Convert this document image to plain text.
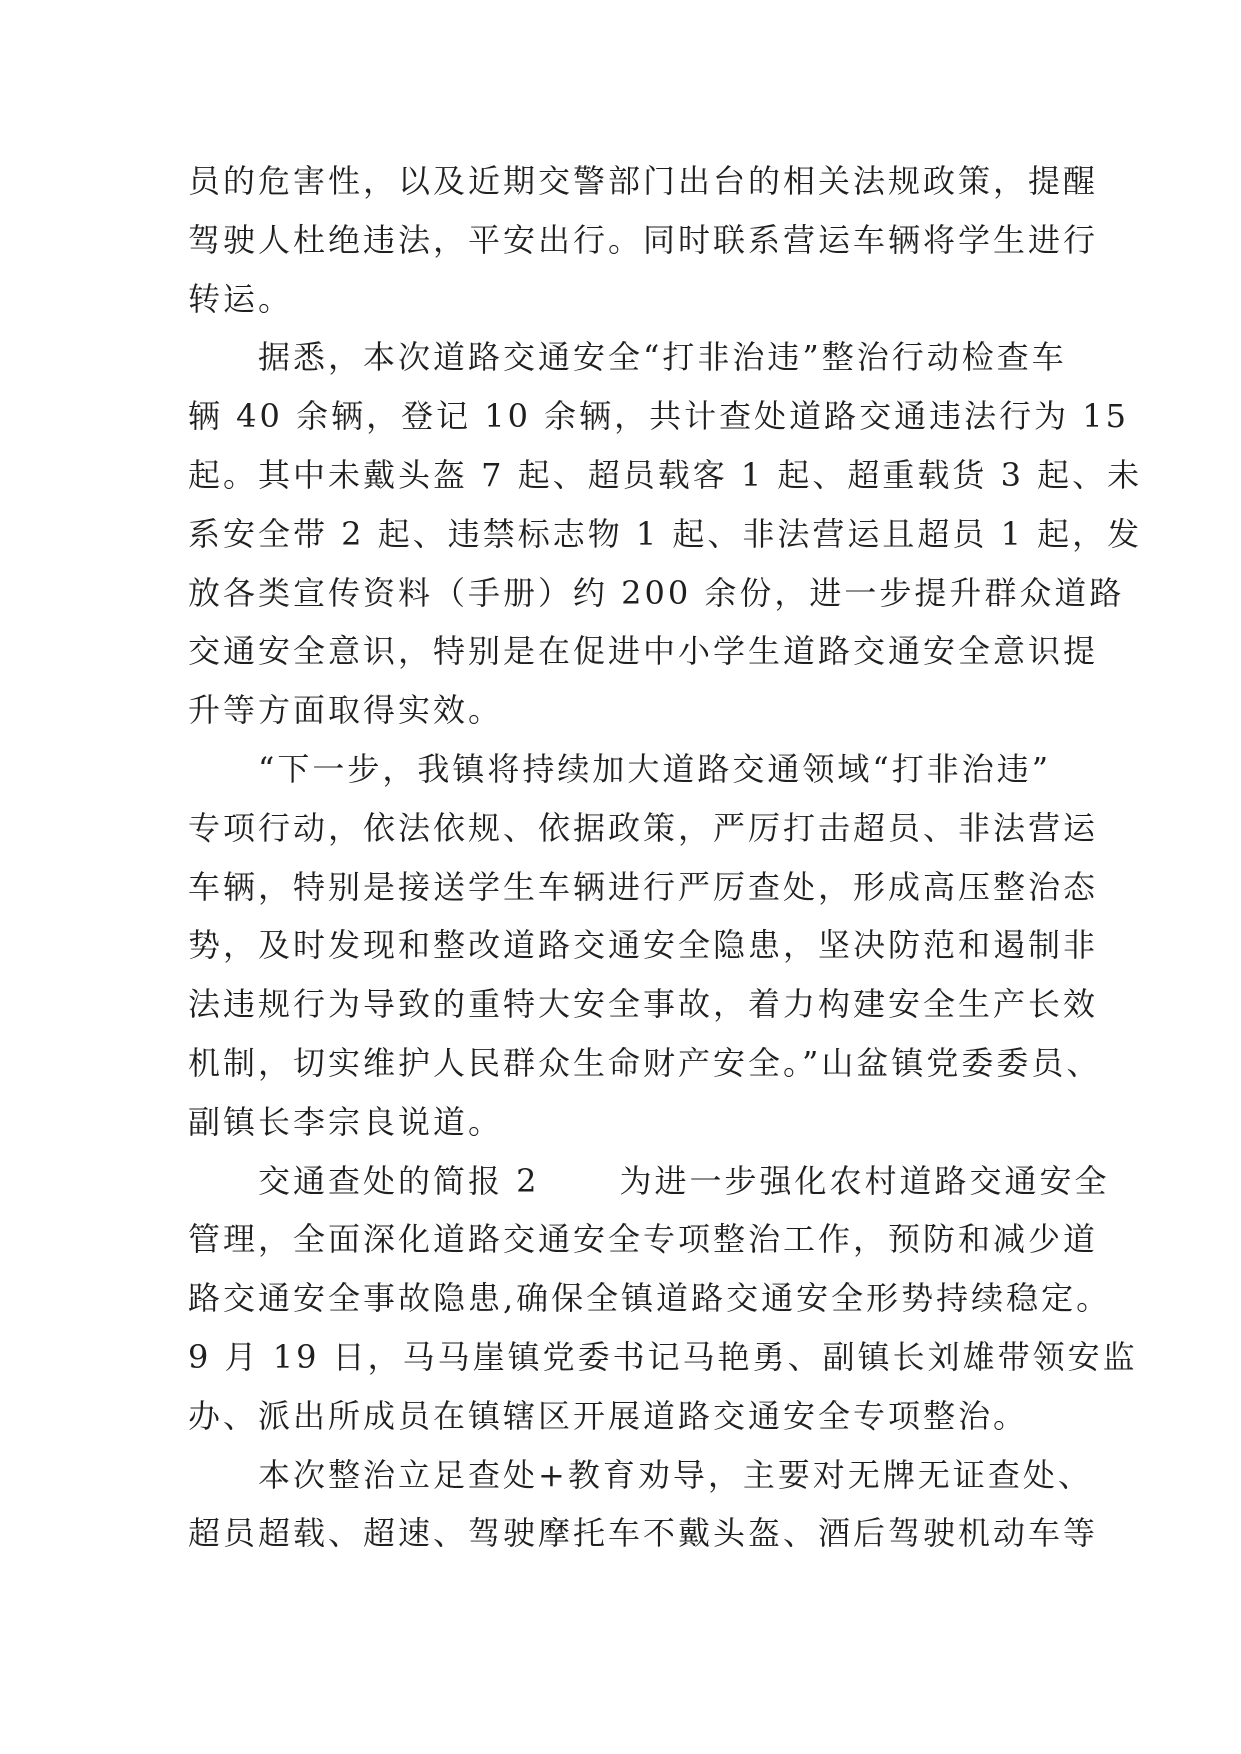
员的危害性，以及近期交警部门出台的相关法规政策，提醒
驾驶人杜绝违法，平安出行。同时联系营运车辆将学生进行
转运。
据悉，本次道路交通安全“打非治违”整治行动检查车
辆 40 余辆，登记 10 余辆，共计查处道路交通违法行为 15
起。其中未戴头盔 7 起、超员载客 1 起、超重载货 3 起、未
系安全带 2 起、违禁标志物 1 起、非法营运且超员 1 起，发
放各类宣传资料（手册）约 200 余份，进一步提升群众道路
交通安全意识，特别是在促进中小学生道路交通安全意识提
升等方面取得实效。
“下一步，我镇将持续加大道路交通领域“打非治违”
专项行动，依法依规、依据政策，严厉打击超员、非法营运
车辆，特别是接送学生车辆进行严厉查处，形成高压整治态
势，及时发现和整改道路交通安全隐患，坚决防范和遏制非
法违规行为导致的重特大安全事故，着力构建安全生产长效
机制，切实维护人民群众生命财产安全。”山盆镇党委委员、
副镇长李宗良说道。
交通查处的简报 2	为进一步强化农村道路交通安全
管理，全面深化道路交通安全专项整治工作，预防和减少道
路交通安全事故隐患,确保全镇道路交通安全形势持续稳定。
9 月 19 日，马马崖镇党委书记马艳勇、副镇长刘雄带领安监
办、派出所成员在镇辖区开展道路交通安全专项整治。
本次整治立足查处+教育劝导，主要对无牌无证查处、
超员超载、超速、驾驶摩托车不戴头盔、酒后驾驶机动车等
